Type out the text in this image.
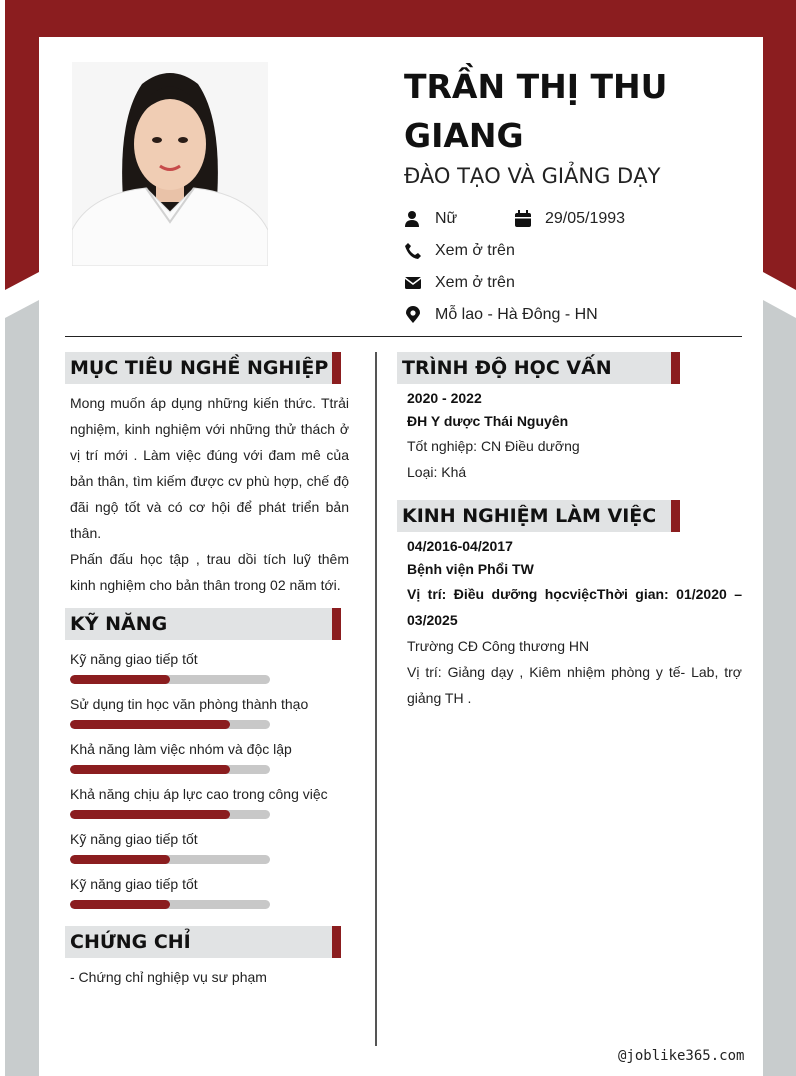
TRẦN THỊ THU GIANG
ĐÀO TẠO VÀ GIẢNG DẠY
Nữ	29/05/1993
Xem ở trên
Xem ở trên
Mỗ lao - Hà Đông - HN
MỤC TIÊU NGHỀ NGHIỆP

Mong muốn áp dụng những kiến thức. Ttrải nghiệm, kinh nghiệm với những thử thách ở vị trí mới . Làm việc đúng với đam mê của bản thân, tìm kiếm được cv phù hợp, chế độ đãi ngộ tốt và có cơ hội để phát triển bản thân.

Phấn đấu học tập , trau dồi tích luỹ thêm kinh nghiệm cho bản thân trong 02 năm tới.

KỸ NĂNG
Kỹ năng giao tiếp tốt
Sử dụng tin học văn phòng thành thạo
Khả năng làm việc nhóm và độc lập
Khả năng chịu áp lực cao trong công việc
Kỹ năng giao tiếp tốt
Kỹ năng giao tiếp tốt
CHỨNG CHỈ
- Chứng chỉ nghiệp vụ sư phạm
TRÌNH ĐỘ HỌC VẤN
2020 - 2022
ĐH Y dược Thái Nguyên
Tốt nghiệp: CN Điều dưỡng
Loại: Khá
KINH NGHIỆM LÀM VIỆC
04/2016-04/2017
Bệnh viện Phổi TW
Vị trí: Điều dưỡng họcviệcThời gian: 01/2020 – 03/2025
Trường CĐ Công thương HN
Vị trí: Giảng dạy , Kiêm nhiệm phòng y tế- Lab, trợ giảng TH .
@joblike365.com
